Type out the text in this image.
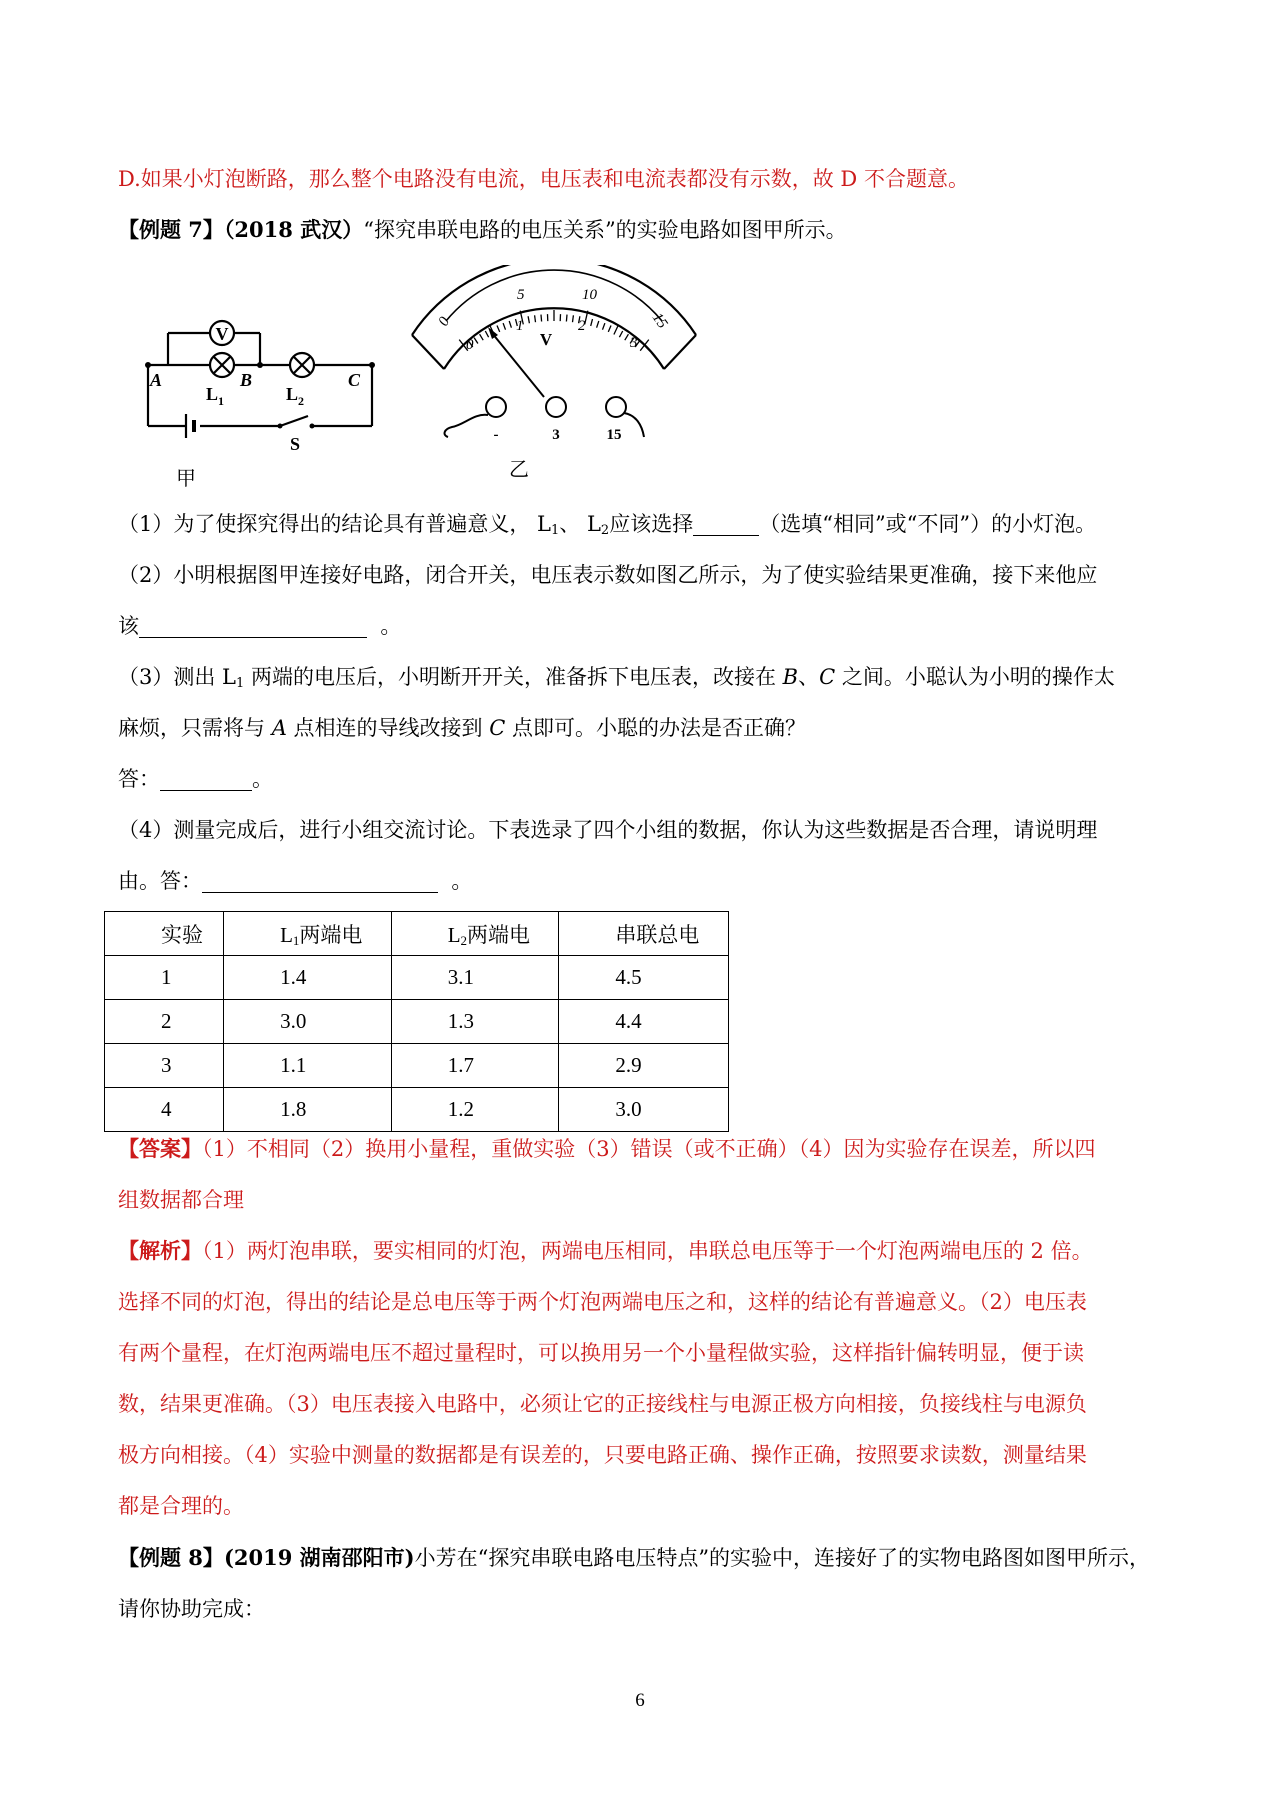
D.如果小灯泡断路，那么整个电路没有电流，电压表和电流表都没有示数，故 D 不合题意。
【例题 7】（2018 武汉）“探究串联电路的电压关系”的实验电路如图甲所示。
V
A	B	C
L 1	L 2
S
甲
0
5	10
15
0
1	2
3
V
-	3	15
乙
（1）为了使探究得出的结论具有普遍意义， $L_1$、 $L_2$应该选择	（选填“相同”或“不同”）的小灯泡。
（2）小明根据图甲连接好电路，闭合开关，电压表示数如图乙所示，为了使实验结果更准确，接下来他应
该	。
（3）测出 $L_1$ 两端的电压后，小明断开开关，准备拆下电压表，改接在 B、C 之间。小聪认为小明的操作太
麻烦，只需将与 A 点相连的导线改接到 C 点即可。小聪的办法是否正确？
答：	。
（4）测量完成后，进行小组交流讨论。下表选录了四个小组的数据，你认为这些数据是否合理，请说明理
由。答：	。
实验	$L_1$两端电	$L_2$两端电	串联总电
1	1.4	3.1	4.5
2	3.0	1.3	4.4
3	1.1	1.7	2.9
4	1.8	1.2	3.0
【答案】（1）不相同（2）换用小量程，重做实验（3）错误（或不正确）（4）因为实验存在误差，所以四
组数据都合理
【解析】（1）两灯泡串联，要实相同的灯泡，两端电压相同，串联总电压等于一个灯泡两端电压的 2 倍。
选择不同的灯泡，得出的结论是总电压等于两个灯泡两端电压之和，这样的结论有普遍意义。（2）电压表
有两个量程，在灯泡两端电压不超过量程时，可以换用另一个小量程做实验，这样指针偏转明显，便于读
数，结果更准确。（3）电压表接入电路中，必须让它的正接线柱与电源正极方向相接，负接线柱与电源负
极方向相接。（4）实验中测量的数据都是有误差的，只要电路正确、操作正确，按照要求读数，测量结果
都是合理的。
【例题 8】(2019 湖南邵阳市)小芳在“探究串联电路电压特点”的实验中，连接好了的实物电路图如图甲所示，
请你协助完成：
6
